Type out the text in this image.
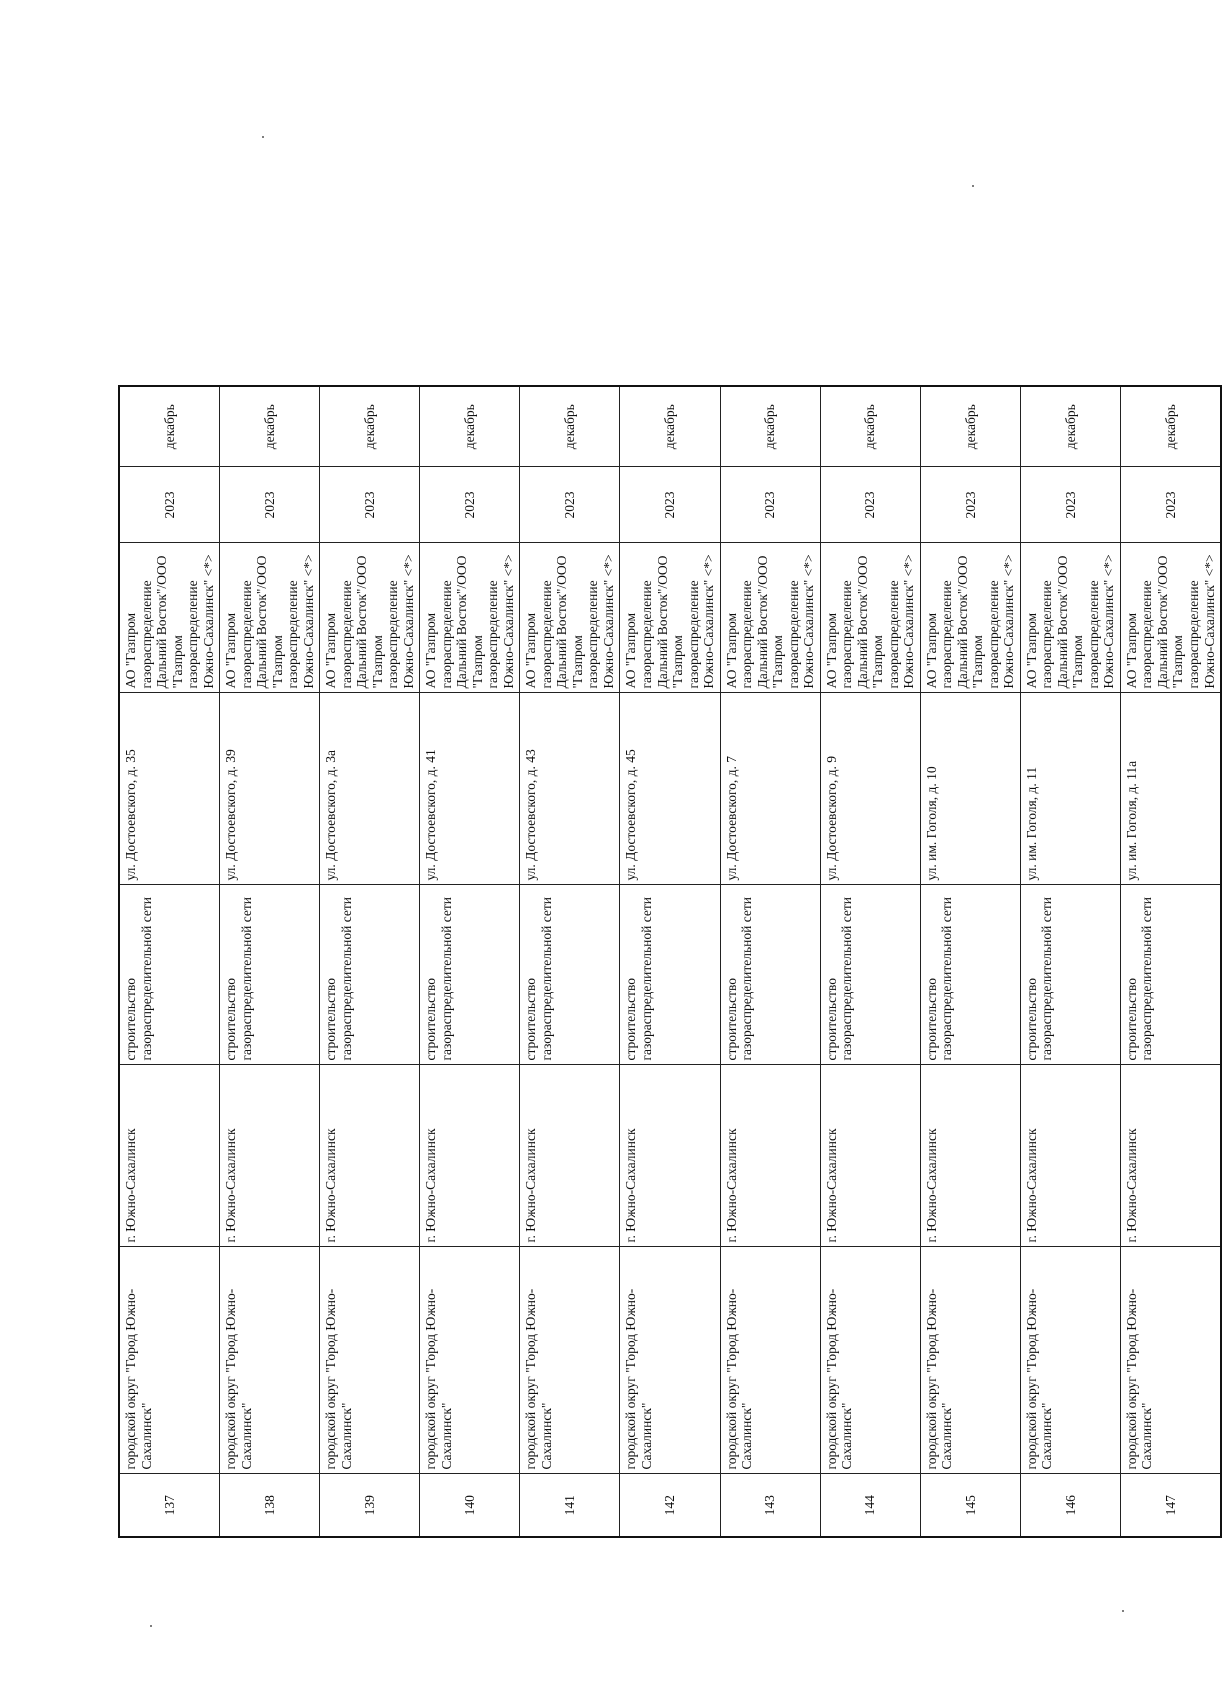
137	городской округ "Город Южно-Сахалинск"	г. Южно-Сахалинск	строительство газораспределительной сети	ул. Достоевского, д. 35	АО "Газпром газораспределение Дальний Восток"/ООО "Газпром газораспределение Южно-Сахалинск" <*>	2023	декабрь
138	городской округ "Город Южно-Сахалинск"	г. Южно-Сахалинск	строительство газораспределительной сети	ул. Достоевского, д. 39	АО "Газпром газораспределение Дальний Восток"/ООО "Газпром газораспределение Южно-Сахалинск" <*>	2023	декабрь
139	городской округ "Город Южно-Сахалинск"	г. Южно-Сахалинск	строительство газораспределительной сети	ул. Достоевского, д. 3а	АО "Газпром газораспределение Дальний Восток"/ООО "Газпром газораспределение Южно-Сахалинск" <*>	2023	декабрь
140	городской округ "Город Южно-Сахалинск"	г. Южно-Сахалинск	строительство газораспределительной сети	ул. Достоевского, д. 41	АО "Газпром газораспределение Дальний Восток"/ООО "Газпром газораспределение Южно-Сахалинск" <*>	2023	декабрь
141	городской округ "Город Южно-Сахалинск"	г. Южно-Сахалинск	строительство газораспределительной сети	ул. Достоевского, д. 43	АО "Газпром газораспределение Дальний Восток"/ООО "Газпром газораспределение Южно-Сахалинск" <*>	2023	декабрь
142	городской округ "Город Южно-Сахалинск"	г. Южно-Сахалинск	строительство газораспределительной сети	ул. Достоевского, д. 45	АО "Газпром газораспределение Дальний Восток"/ООО "Газпром газораспределение Южно-Сахалинск" <*>	2023	декабрь
143	городской округ "Город Южно-Сахалинск"	г. Южно-Сахалинск	строительство газораспределительной сети	ул. Достоевского, д. 7	АО "Газпром газораспределение Дальний Восток"/ООО "Газпром газораспределение Южно-Сахалинск" <*>	2023	декабрь
144	городской округ "Город Южно-Сахалинск"	г. Южно-Сахалинск	строительство газораспределительной сети	ул. Достоевского, д. 9	АО "Газпром газораспределение Дальний Восток"/ООО "Газпром газораспределение Южно-Сахалинск" <*>	2023	декабрь
145	городской округ "Город Южно-Сахалинск"	г. Южно-Сахалинск	строительство газораспределительной сети	ул. им. Гоголя, д. 10	АО "Газпром газораспределение Дальний Восток"/ООО "Газпром газораспределение Южно-Сахалинск" <*>	2023	декабрь
146	городской округ "Город Южно-Сахалинск"	г. Южно-Сахалинск	строительство газораспределительной сети	ул. им. Гоголя, д. 11	АО "Газпром газораспределение Дальний Восток"/ООО "Газпром газораспределение Южно-Сахалинск" <*>	2023	декабрь
147	городской округ "Город Южно-Сахалинск"	г. Южно-Сахалинск	строительство газораспределительной сети	ул. им. Гоголя, д. 11а	АО "Газпром газораспределение Дальний Восток"/ООО "Газпром газораспределение Южно-Сахалинск" <*>	2023	декабрь
